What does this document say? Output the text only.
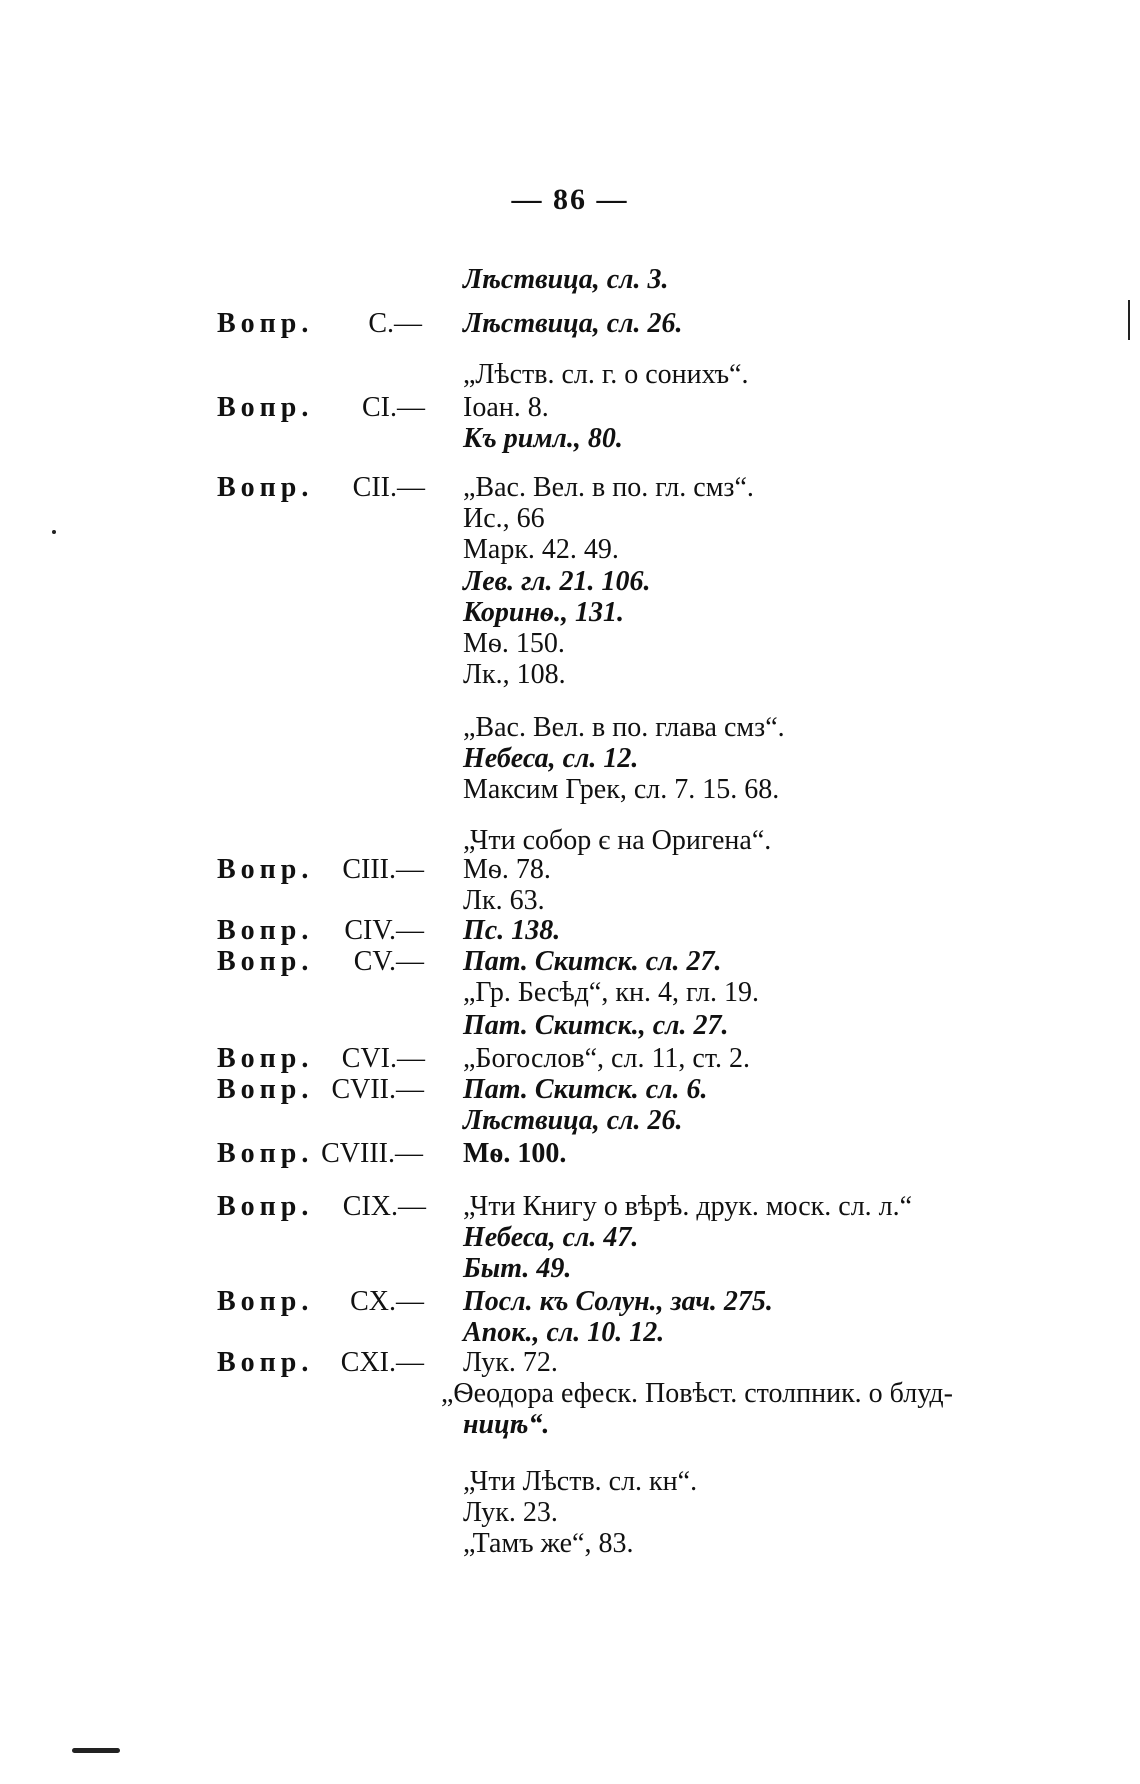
— 86 —
Лѣствица, сл. 3.
Вопр.	C.— Лѣствица, сл. 26.
„Лѣств. сл. г. о сонихъ“.
Вопр.	CI.— Іоан. 8.
Къ римл., 80.
Вопр.	CII.— „Вас. Вел. в по. гл. смз“.
Ис., 66
Марк. 42. 49.
Лев. гл. 21. 106.
Коринѳ., 131.
Мѳ. 150.
Лк., 108.
„Вас. Вел. в по. глава смз“.
Небеса, сл. 12.
Максим Грек, сл. 7. 15. 68.
„Чти собор є на Оригена“.
Вопр.	CIII.— Мѳ. 78.
Лк. 63.
Вопр.	CIV.— Пс. 138.
Вопр.	CV.— Пат. Скитск. сл. 27.
„Гр. Бесѣд“, кн. 4, гл. 19.
Пат. Скитск., сл. 27.
Вопр.	CVI.— „Богослов“, сл. 11, ст. 2.
Вопр. CVII.— Пат. Скитск. сл. 6.
Лѣствица, сл. 26.
Вопр. CVIII.— Мѳ. 100.
Вопр.	CIX.— „Чти Книгу о вѣрѣ. друк. моск. сл. л.“
Небеса, сл. 47.
Быт. 49.
Вопр.	CX.— Посл. къ Солун., зач. 275.
Апок., сл. 10. 12.
Вопр. CXI.— Лук. 72.
„Ѳеодора ефеск. Повѣст. столпник. о блуд-
ницѣ“.
„Чти Лѣств. сл. кн“.
Лук. 23.
„Тамъ же“, 83.
